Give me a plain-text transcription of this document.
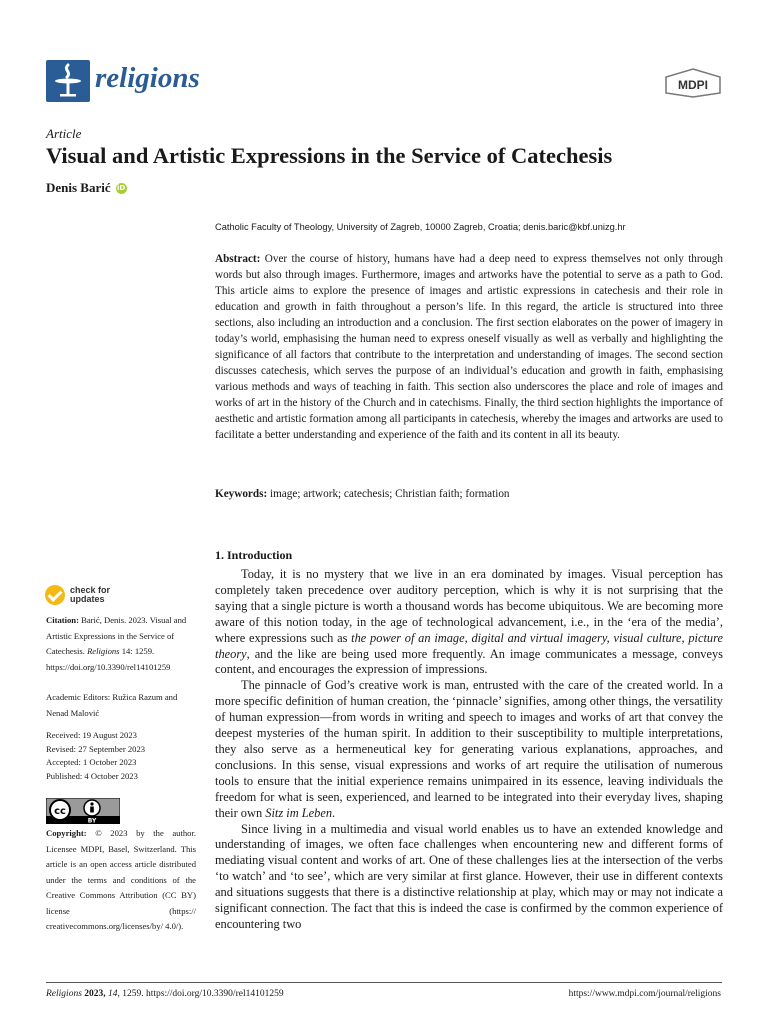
religions	MDPI
Article
Visual and Artistic Expressions in the Service of Catechesis
Denis Barić iD
Catholic Faculty of Theology, University of Zagreb, 10000 Zagreb, Croatia; denis.baric@kbf.unizg.hr
Abstract: Over the course of history, humans have had a deep need to express themselves not only through words but also through images. Furthermore, images and artworks have the potential to serve as a path to God. This article aims to explore the presence of images and artistic expressions in catechesis and their role in education and growth in faith throughout a person’s life. In this regard, the article is structured into three sections, also including an introduction and a conclusion. The first section elaborates on the power of imagery in today’s world, emphasising the human need to express oneself visually as well as verbally and highlighting the significance of all factors that contribute to the interpretation and understanding of images. The second section discusses catechesis, which serves the purpose of an individual’s education and growth in faith, emphasising various methods and ways of teaching in faith. This section also underscores the place and role of images and works of art in the history of the Church and in catechisms. Finally, the third section highlights the importance of aesthetic and artistic formation among all participants in catechesis, whereby the images and artworks are used to facilitate a better understanding and experience of the faith and its content in all its beauty.
Keywords: image; artwork; catechesis; Christian faith; formation
check for
updates
Citation: Barić, Denis. 2023. Visual and Artistic Expressions in the Service of Catechesis. Religions 14: 1259. https://doi.org/10.3390/rel14101259
Academic Editors: Ružica Razum and Nenad Malović
Received: 19 August 2023
Revised: 27 September 2023
Accepted: 1 October 2023
Published: 4 October 2023
cc
BY
Copyright: © 2023 by the author. Licensee MDPI, Basel, Switzerland. This article is an open access article distributed under the terms and conditions of the Creative Commons Attribution (CC BY) license (https:// creativecommons.org/licenses/by/ 4.0/).
1. Introduction

Today, it is no mystery that we live in an era dominated by images. Visual perception has completely taken precedence over auditory perception, which is why it is not surprising that the saying that a single picture is worth a thousand words has become ubiquitous. We are becoming more aware of this notion today, in the age of technological advancement, i.e., in the ‘era of the media’, where expressions such as the power of an image, digital and virtual imagery, visual culture, picture theory, and the like are being used more frequently. An image communicates a message, conveys content, and encourages the expression of impressions.

The pinnacle of God’s creative work is man, entrusted with the care of the created world. In a more specific definition of human creation, the ‘pinnacle’ signifies, among other things, the versatility of human expression—from words in writing and speech to images and works of art that convey the deepest mysteries of the human spirit. In addition to their susceptibility to multiple interpretations, they also serve as a hermeneutical key for generating various explanations, approaches, and conclusions. In this sense, visual expressions and works of art require the utilisation of numerous tools to ensure that the initial experience remains unimpaired in its essence, leaving individuals the freedom for what is seen, experienced, and learned to be integrated into their everyday lives, shaping their own Sitz im Leben.

Since living in a multimedia and visual world enables us to have an extended knowledge and understanding of images, we often face challenges when encountering new and different forms of mediating visual content and works of art. One of these challenges lies at the intersection of the verbs ‘to watch’ and ‘to see’, which are very similar at first glance. However, their use in different contexts and situations suggests that there is a distinctive relationship at play, which may or may not indicate a significant connection. The fact that this is indeed the case is confirmed by the common experience of encountering two

Religions 2023, 14, 1259. https://doi.org/10.3390/rel14101259	https://www.mdpi.com/journal/religions
